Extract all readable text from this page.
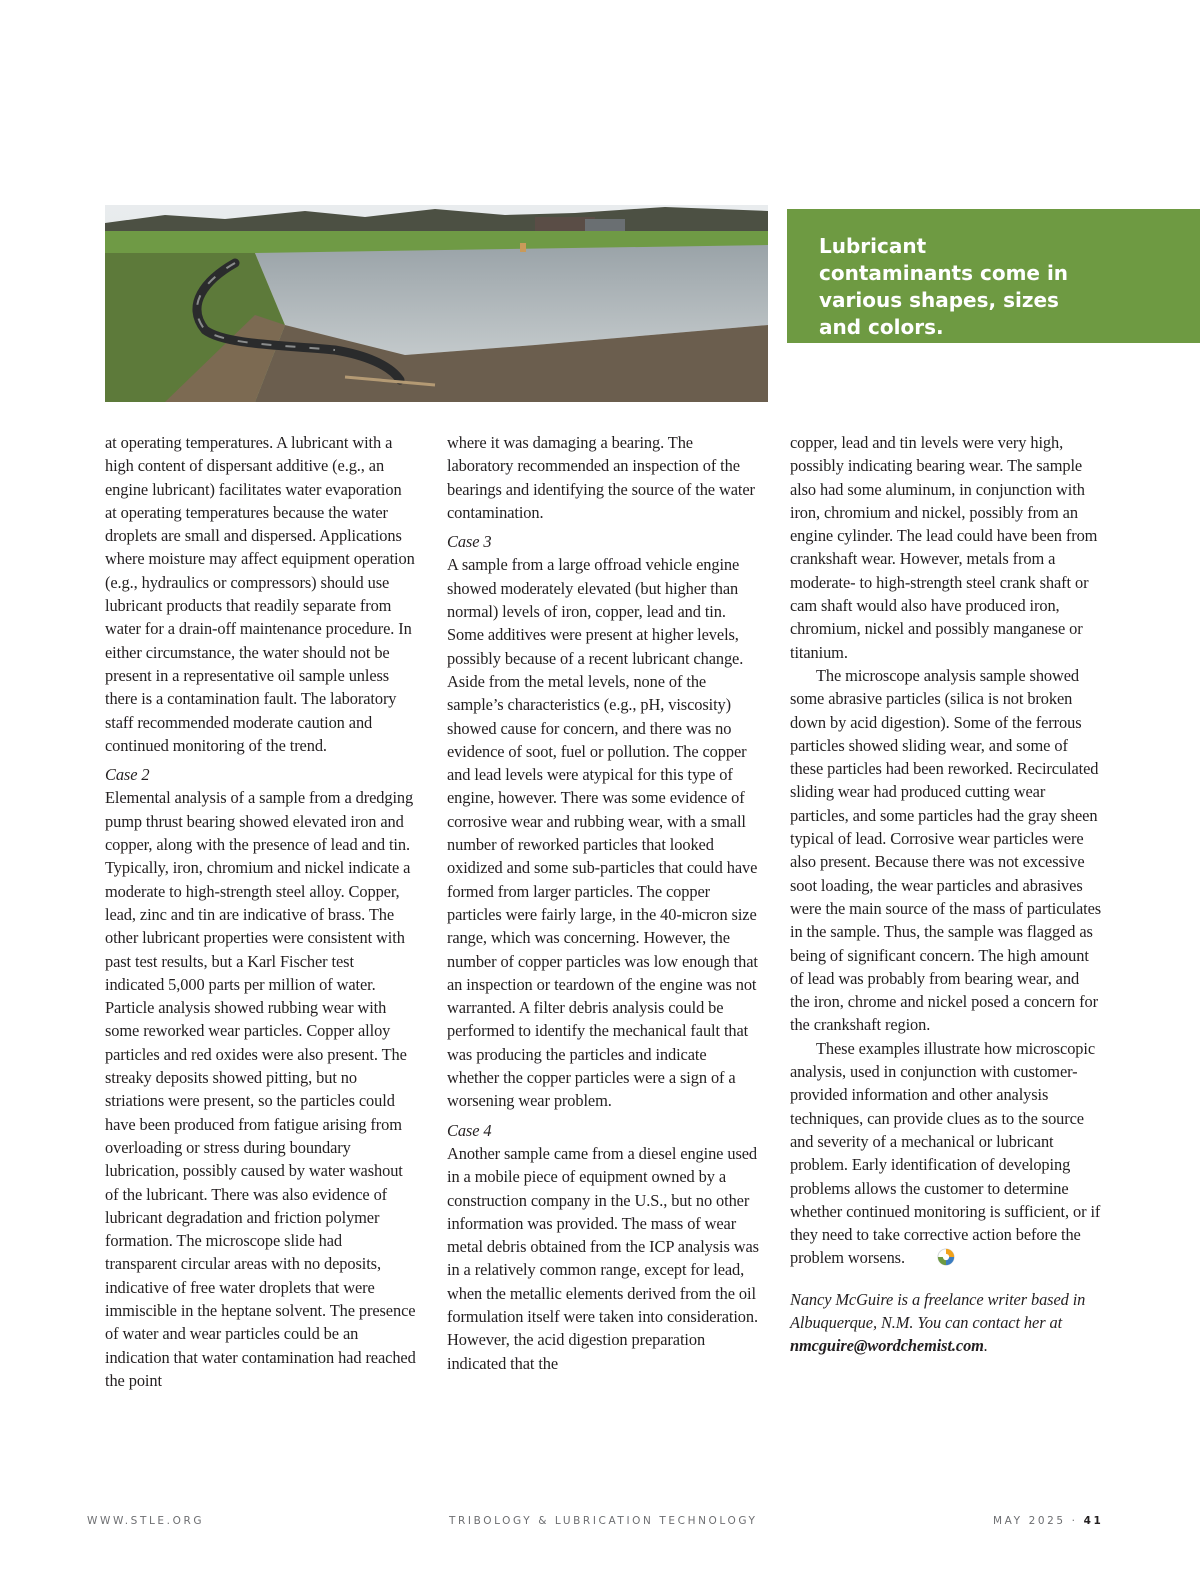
Lubricant contaminants come in various shapes, sizes and colors.

at operating temperatures. A lubricant with a high content of dispersant additive (e.g., an engine lubricant) facilitates water evaporation at operating temperatures because the water droplets are small and dispersed. Applications where moisture may affect equipment operation (e.g., hydraulics or compressors) should use lubricant products that readily separate from water for a drain-off maintenance procedure. In either circumstance, the water should not be present in a representative oil sample unless there is a contamination fault. The laboratory staff recommended moderate caution and continued monitoring of the trend.

Case 2

Elemental analysis of a sample from a dredging pump thrust bearing showed elevated iron and copper, along with the presence of lead and tin. Typically, iron, chromium and nickel indicate a moderate to high-strength steel alloy. Copper, lead, zinc and tin are indicative of brass. The other lubricant properties were consistent with past test results, but a Karl Fischer test indicated 5,000 parts per million of water. Particle analysis showed rubbing wear with some reworked wear particles. Copper alloy particles and red oxides were also present. The streaky deposits showed pitting, but no striations were present, so the particles could have been produced from fatigue arising from overloading or stress during boundary lubrication, possibly caused by water washout of the lubricant. There was also evidence of lubricant degradation and friction polymer formation. The microscope slide had transparent circular areas with no deposits, indicative of free water droplets that were immiscible in the heptane solvent. The presence of water and wear particles could be an indication that water contamination had reached the point

where it was damaging a bearing. The laboratory recommended an inspection of the bearings and identifying the source of the water contamination.

Case 3

A sample from a large offroad vehicle engine showed moderately elevated (but higher than normal) levels of iron, copper, lead and tin. Some additives were present at higher levels, possibly because of a recent lubricant change. Aside from the metal levels, none of the sample’s characteristics (e.g., pH, viscosity) showed cause for concern, and there was no evidence of soot, fuel or pollution. The copper and lead levels were atypical for this type of engine, however. There was some evidence of corrosive wear and rubbing wear, with a small number of reworked particles that looked oxidized and some sub-particles that could have formed from larger particles. The copper particles were fairly large, in the 40-micron size range, which was concerning. However, the number of copper particles was low enough that an inspection or teardown of the engine was not warranted. A filter debris analysis could be performed to identify the mechanical fault that was producing the particles and indicate whether the copper particles were a sign of a worsening wear problem.

Case 4

Another sample came from a diesel engine used in a mobile piece of equipment owned by a construction company in the U.S., but no other information was provided. The mass of wear metal debris obtained from the ICP analysis was in a relatively common range, except for lead, when the metallic elements derived from the oil formulation itself were taken into consideration. However, the acid digestion preparation indicated that the

copper, lead and tin levels were very high, possibly indicating bearing wear. The sample also had some aluminum, in conjunction with iron, chromium and nickel, possibly from an engine cylinder. The lead could have been from crankshaft wear. However, metals from a moderate- to high-strength steel crank shaft or cam shaft would also have produced iron, chromium, nickel and possibly manganese or titanium.

The microscope analysis sample showed some abrasive particles (silica is not broken down by acid digestion). Some of the ferrous particles showed sliding wear, and some of these particles had been reworked. Recirculated sliding wear had produced cutting wear particles, and some particles had the gray sheen typical of lead. Corrosive wear particles were also present. Because there was not excessive soot loading, the wear particles and abrasives were the main source of the mass of particulates in the sample. Thus, the sample was flagged as being of significant concern. The high amount of lead was probably from bearing wear, and the iron, chrome and nickel posed a concern for the crankshaft region.

These examples illustrate how microscopic analysis, used in conjunction with customer-provided information and other analysis techniques, can provide clues as to the source and severity of a mechanical or lubricant problem. Early identification of developing problems allows the customer to determine whether continued monitoring is sufficient, or if they need to take corrective action before the problem worsens.

Nancy McGuire is a freelance writer based in Albuquerque, N.M. You can contact her at nmcguire@wordchemist.com.

WWW.STLE.ORG	TRIBOLOGY & LUBRICATION TECHNOLOGY	MAY 2025 · 41
